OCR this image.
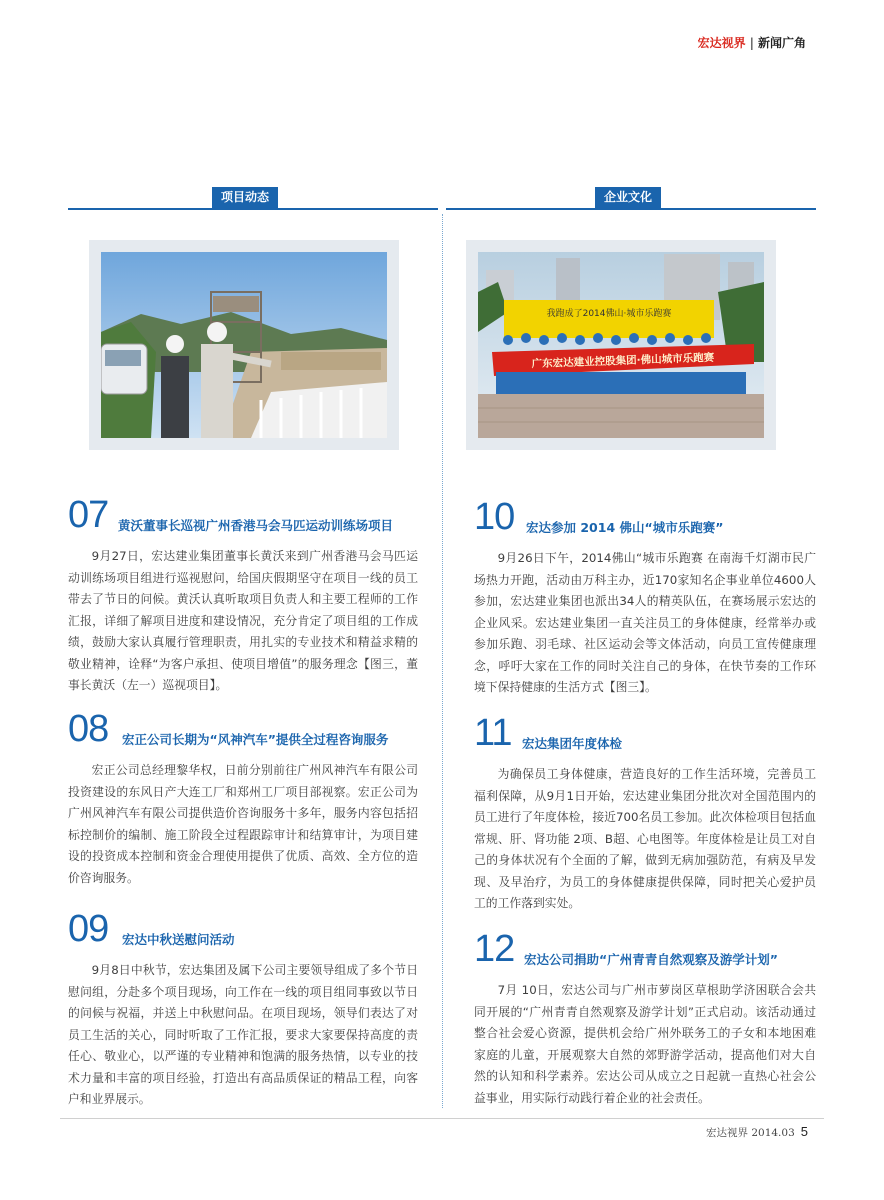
宏达视界 | 新闻广角
项目动态	企业文化
我跑成了2014佛山·城市乐跑赛
广东宏达建业控股集团·佛山城市乐跑赛
07 黄沃董事长巡视广州香港马会马匹运动训练场项目
9月27日，宏达建业集团董事长黄沃来到广州香港马会马匹运动训练场项目组进行巡视慰问，给国庆假期坚守在项目一线的员工带去了节日的问候。黄沃认真听取项目负责人和主要工程师的工作汇报，详细了解项目进度和建设情况，充分肯定了项目组的工作成绩，鼓励大家认真履行管理职责，用扎实的专业技术和精益求精的敬业精神，诠释“为客户承担、使项目增值”的服务理念【图三，董事长黄沃（左一）巡视项目】。
08 宏正公司长期为“风神汽车”提供全过程咨询服务
宏正公司总经理黎华权，日前分别前往广州风神汽车有限公司投资建设的东风日产大连工厂和郑州工厂项目部视察。宏正公司为广州风神汽车有限公司提供造价咨询服务十多年，服务内容包括招标控制价的编制、施工阶段全过程跟踪审计和结算审计，为项目建设的投资成本控制和资金合理使用提供了优质、高效、全方位的造价咨询服务。
09 宏达中秋送慰问活动
9月8日中秋节，宏达集团及属下公司主要领导组成了多个节日慰问组，分赴多个项目现场，向工作在一线的项目组同事致以节日的问候与祝福，并送上中秋慰问品。在项目现场，领导们表达了对员工生活的关心，同时听取了工作汇报，要求大家要保持高度的责任心、敬业心，以严谨的专业精神和饱满的服务热情，以专业的技术力量和丰富的项目经验，打造出有高品质保证的精品工程，向客户和业界展示。
10 宏达参加 2014 佛山“城市乐跑赛”
9月26日下午，2014佛山“城市乐跑赛 在南海千灯湖市民广场热力开跑，活动由万科主办，近170家知名企事业单位4600人参加，宏达建业集团也派出34人的精英队伍，在赛场展示宏达的企业风采。宏达建业集团一直关注员工的身体健康，经常举办或参加乐跑、羽毛球、社区运动会等文体活动，向员工宣传健康理念，呼吁大家在工作的同时关注自己的身体，在快节奏的工作环境下保持健康的生活方式【图三】。
11 宏达集团年度体检
为确保员工身体健康，营造良好的工作生活环境，完善员工福利保障，从9月1日开始，宏达建业集团分批次对全国范围内的员工进行了年度体检，接近700名员工参加。此次体检项目包括血常规、肝、肾功能 2项、B超、心电图等。年度体检是让员工对自己的身体状况有个全面的了解，做到无病加强防范，有病及早发现、及早治疗，为员工的身体健康提供保障，同时把关心爱护员工的工作落到实处。
12 宏达公司捐助“广州青青自然观察及游学计划”
7月 10日，宏达公司与广州市萝岗区草根助学济困联合会共同开展的“广州青青自然观察及游学计划”正式启动。该活动通过整合社会爱心资源，提供机会给广州外联务工的子女和本地困难家庭的儿童，开展观察大自然的郊野游学活动，提高他们对大自然的认知和科学素养。宏达公司从成立之日起就一直热心社会公益事业，用实际行动践行着企业的社会责任。
宏达视界 2014.03 5
